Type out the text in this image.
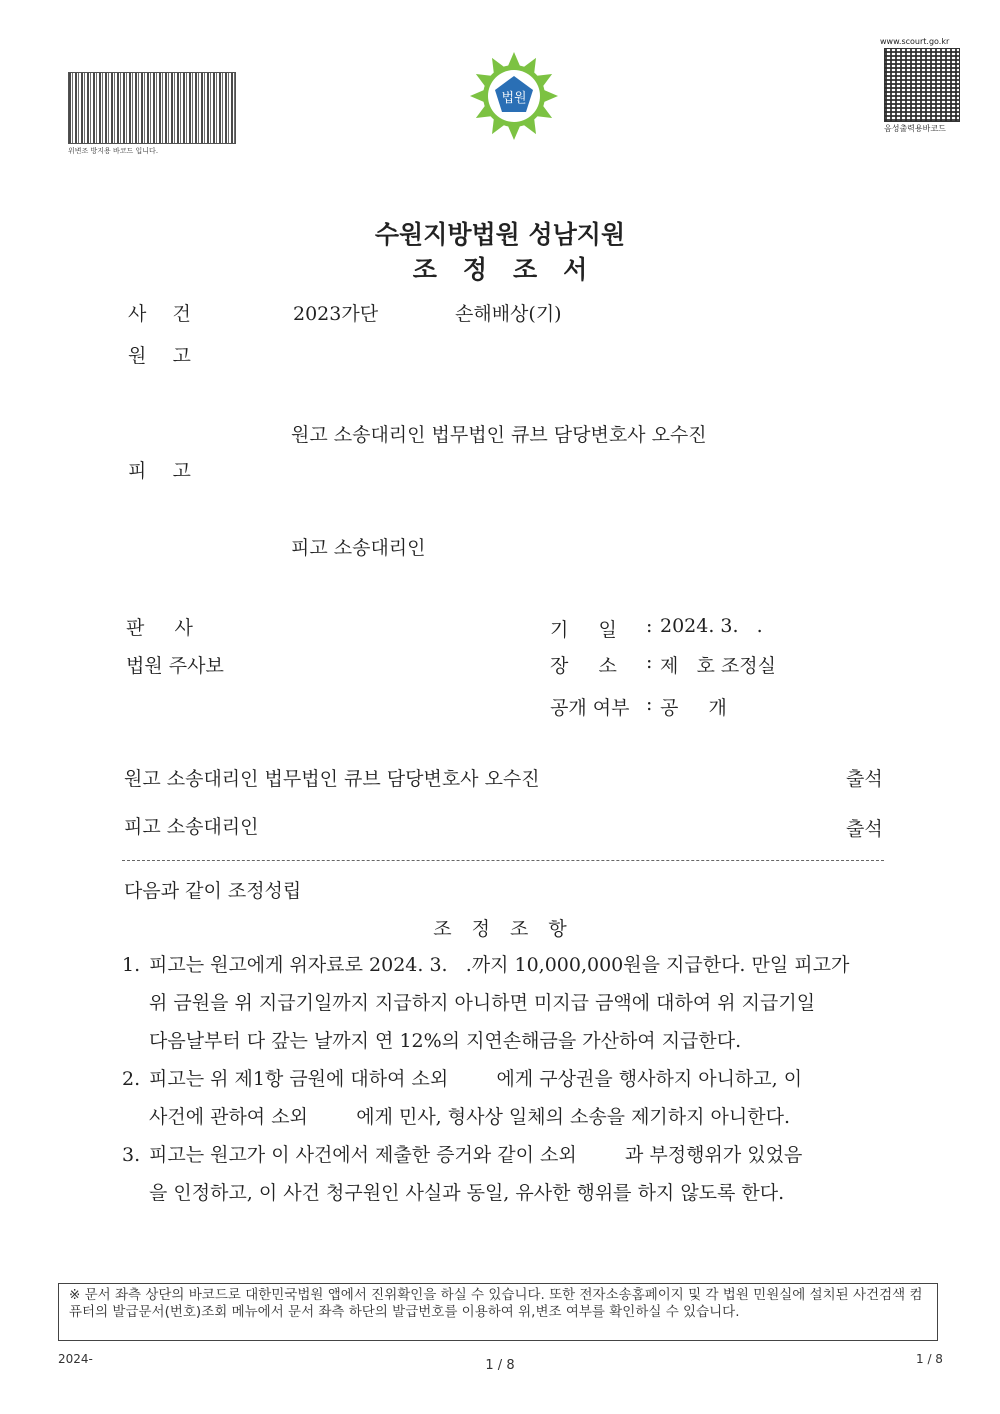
위변조 방지용 바코드 입니다.
법원
www.scourt.go.kr
음성출력용바코드
수원지방법원 성남지원
조정조서
사   건	2023가단	손해배상(기)
원   고
원고 소송대리인 법무법인 큐브 담당변호사 오수진
피   고
피고 소송대리인
판     사
법원 주사보
기     일 : 2024. 3.   .
장     소 : 제   호 조정실
공개 여부 : 공     개
원고 소송대리인 법무법인 큐브 담당변호사 오수진	출석
피고 소송대리인	출석
다음과 같이 조정성립
조정조항
1. 피고는 원고에게 위자료로 2024. 3.   .까지 10,000,000원을 지급한다. 만일 피고가
위 금원을 위 지급기일까지 지급하지 아니하면 미지급 금액에 대하여 위 지급기일
다음날부터 다 갚는 날까지 연 12%의 지연손해금을 가산하여 지급한다.
2. 피고는 위 제1항 금원에 대하여 소외        에게 구상권을 행사하지 아니하고, 이
사건에 관하여 소외        에게 민사, 형사상 일체의 소송을 제기하지 아니한다.
3. 피고는 원고가 이 사건에서 제출한 증거와 같이 소외        과 부정행위가 있었음
을 인정하고, 이 사건 청구원인 사실과 동일, 유사한 행위를 하지 않도록 한다.
※ 문서 좌측 상단의 바코드로 대한민국법원 앱에서 진위확인을 하실 수 있습니다. 또한 전자소송홈페이지 및 각 법원 민원실에 설치된 사건검색 컴퓨터의 발급문서(번호)조회 메뉴에서 문서 좌측 하단의 발급번호를 이용하여 위,변조 여부를 확인하실 수 있습니다.
2024-	1 / 8	1 / 8
